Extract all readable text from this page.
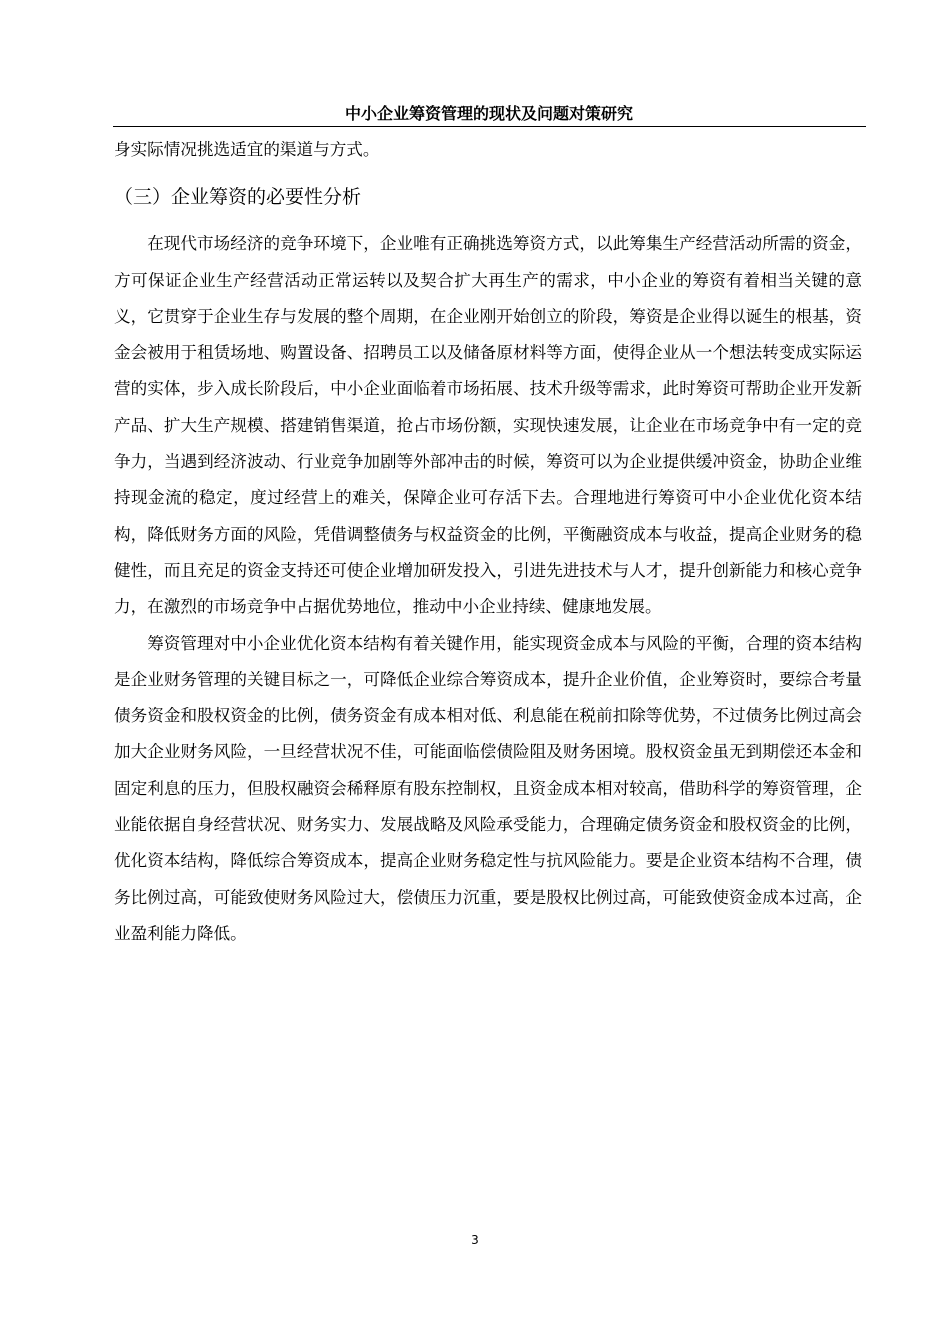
中小企业筹资管理的现状及问题对策研究

身实际情况挑选适宜的渠道与方式。

（三）企业筹资的必要性分析

在现代市场经济的竞争环境下，企业唯有正确挑选筹资方式，以此筹集生产经营活动所需的资金，方可保证企业生产经营活动正常运转以及契合扩大再生产的需求，中小企业的筹资有着相当关键的意义，它贯穿于企业生存与发展的整个周期，在企业刚开始创立的阶段，筹资是企业得以诞生的根基，资金会被用于租赁场地、购置设备、招聘员工以及储备原材料等方面，使得企业从一个想法转变成实际运营的实体，步入成长阶段后，中小企业面临着市场拓展、技术升级等需求，此时筹资可帮助企业开发新产品、扩大生产规模、搭建销售渠道，抢占市场份额，实现快速发展，让企业在市场竞争中有一定的竞争力，当遇到经济波动、行业竞争加剧等外部冲击的时候，筹资可以为企业提供缓冲资金，协助企业维持现金流的稳定，度过经营上的难关，保障企业可存活下去。合理地进行筹资可中小企业优化资本结构，降低财务方面的风险，凭借调整债务与权益资金的比例，平衡融资成本与收益，提高企业财务的稳健性，而且充足的资金支持还可使企业增加研发投入，引进先进技术与人才，提升创新能力和核心竞争力，在激烈的市场竞争中占据优势地位，推动中小企业持续、健康地发展。

筹资管理对中小企业优化资本结构有着关键作用，能实现资金成本与风险的平衡，合理的资本结构是企业财务管理的关键目标之一，可降低企业综合筹资成本，提升企业价值，企业筹资时，要综合考量债务资金和股权资金的比例，债务资金有成本相对低、利息能在税前扣除等优势，不过债务比例过高会加大企业财务风险，一旦经营状况不佳，可能面临偿债险阻及财务困境。股权资金虽无到期偿还本金和固定利息的压力，但股权融资会稀释原有股东控制权，且资金成本相对较高，借助科学的筹资管理，企业能依据自身经营状况、财务实力、发展战略及风险承受能力，合理确定债务资金和股权资金的比例，优化资本结构，降低综合筹资成本，提高企业财务稳定性与抗风险能力。要是企业资本结构不合理，债务比例过高，可能致使财务风险过大，偿债压力沉重，要是股权比例过高，可能致使资金成本过高，企业盈利能力降低。

3
